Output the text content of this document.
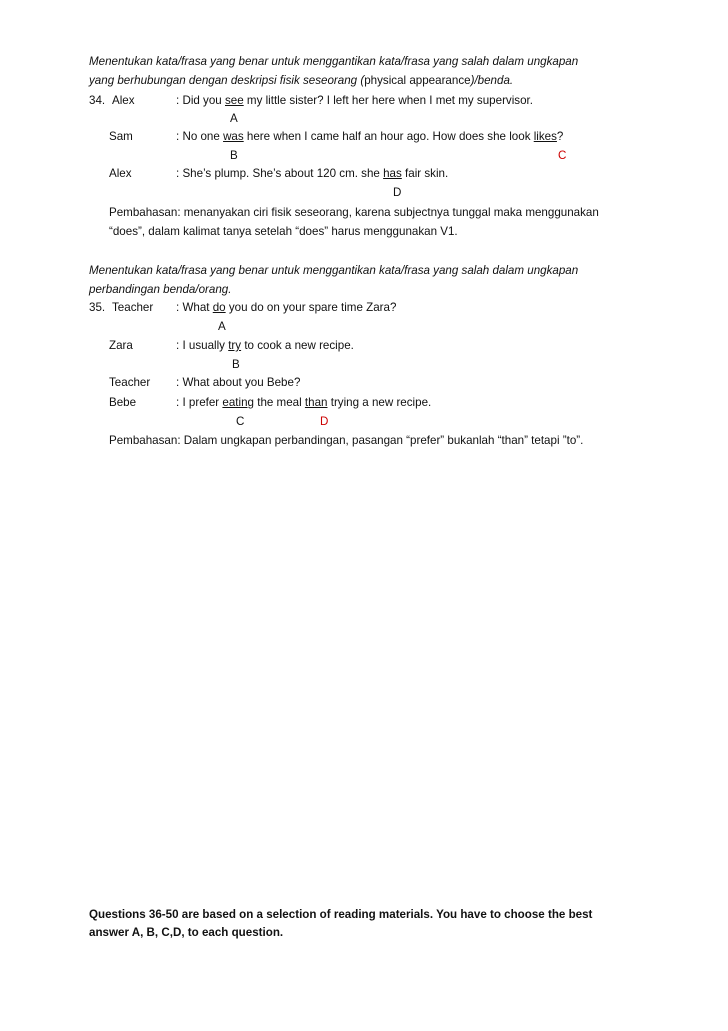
Menentukan kata/frasa yang benar untuk menggantikan kata/frasa yang salah dalam ungkapan
yang berhubungan dengan deskripsi fisik seseorang (physical appearance)/benda.
34. Alex	: Did you see my little sister? I left her here when I met my supervisor.
A
Sam	: No one was here when I came half an hour ago. How does she look likes?
B	C
Alex	: She’s plump. She’s about 120 cm. she has fair skin.
D
Pembahasan: menanyakan ciri fisik seseorang, karena subjectnya tunggal maka menggunakan
“does”, dalam kalimat tanya setelah “does” harus menggunakan V1.
Menentukan kata/frasa yang benar untuk menggantikan kata/frasa yang salah dalam ungkapan
perbandingan benda/orang.
35. Teacher : What do you do on your spare time Zara?
A
Zara	: I usually try to cook a new recipe.
B
Teacher : What about you Bebe?
Bebe	: I prefer eating the meal than trying a new recipe.
C	D
Pembahasan: Dalam ungkapan perbandingan, pasangan “prefer” bukanlah “than” tetapi ”to”.
Questions 36-50 are based on a selection of reading materials. You have to choose the best
answer A, B, C,D, to each question.
